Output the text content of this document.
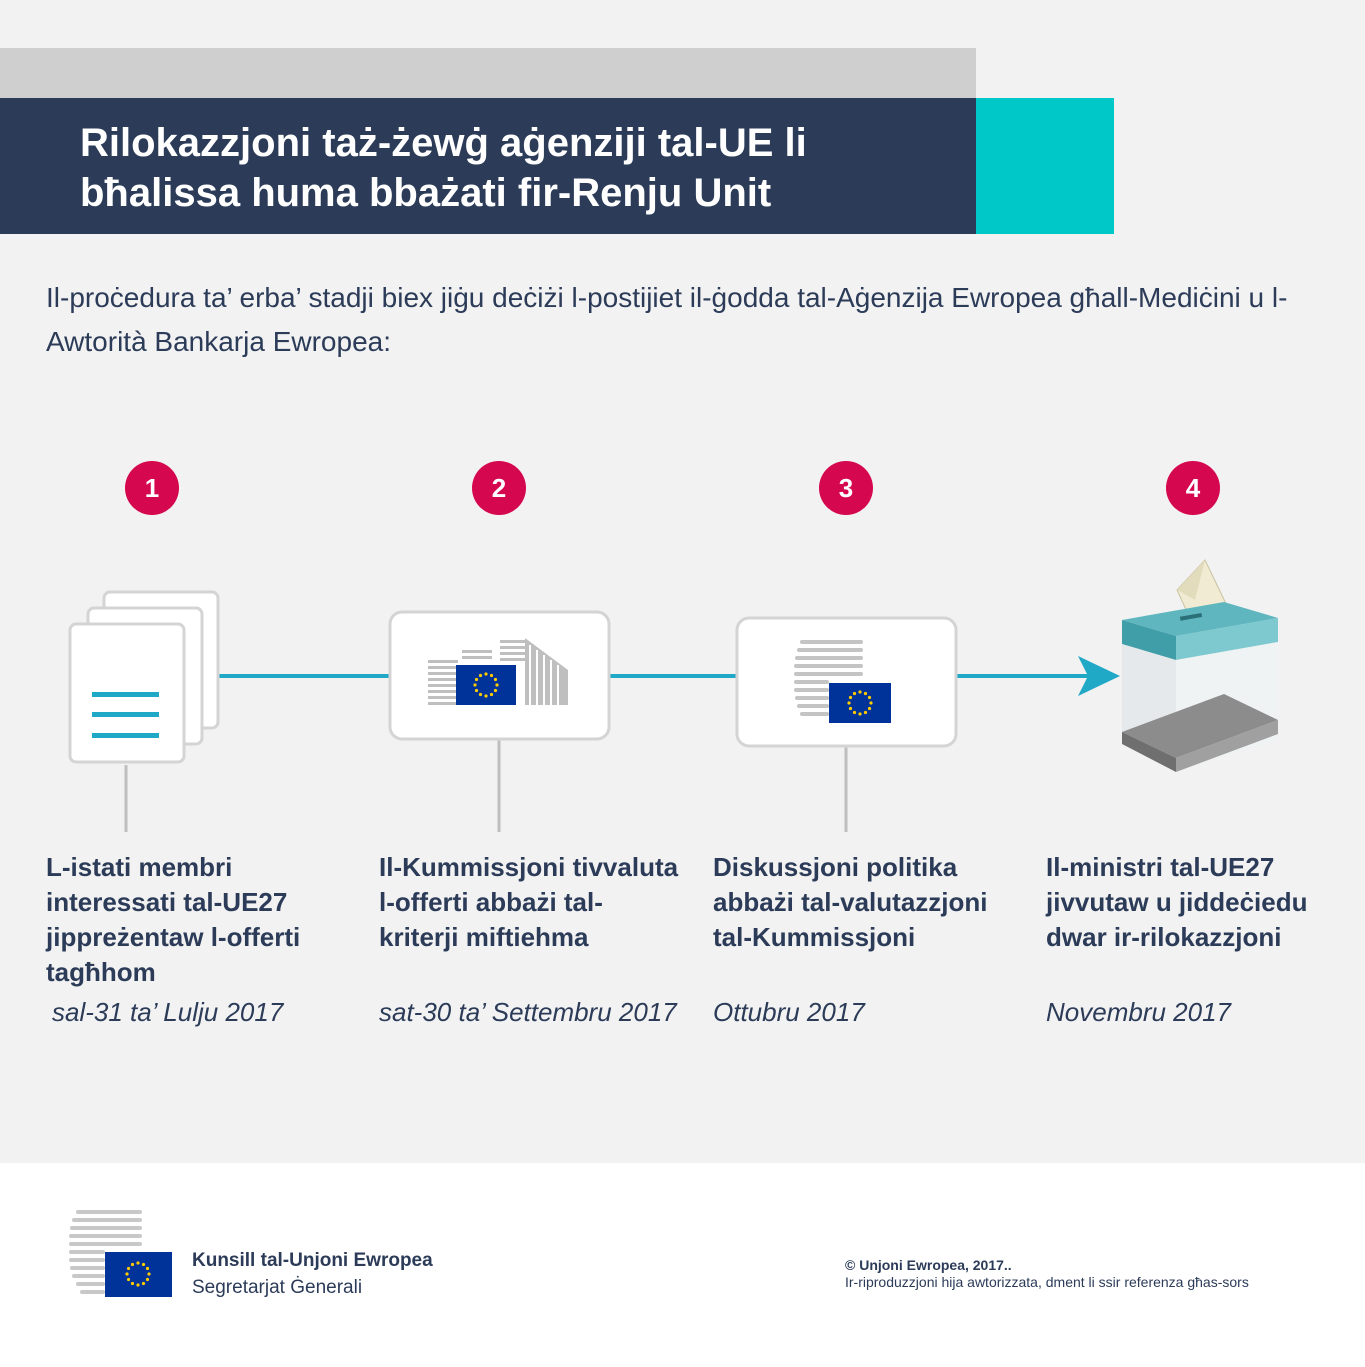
Rilokazzjoni taż-żewġ aġenziji tal-UE li bħalissa huma bbażati fir-Renju Unit

Il-proċedura ta’ erba’ stadji biex jiġu deċiżi l-postijiet il-ġodda tal-Aġenzija Ewropea għall-Mediċini u l-Awtorità Bankarja Ewropea:

1	2	3	4
L-istati membri interessati tal-UE27 jippreżentaw l-offerti tagħhom
sal-31 ta’ Lulju 2017
Il-Kummissjoni tivvaluta l-offerti abbażi tal-kriterji miftiehma
sat-30 ta’ Settembru 2017
Diskussjoni politika abbażi tal-valutazzjoni tal-Kummissjoni
Ottubru 2017
Il-ministri tal-UE27 jivvutaw u jiddeċiedu dwar ir-rilokazzjoni
Novembru 2017
Kunsill tal-Unjoni Ewropea
Segretarjat Ġenerali
© Unjoni Ewropea, 2017..
Ir-riproduzzjoni hija awtorizzata, dment li ssir referenza għas-sors
